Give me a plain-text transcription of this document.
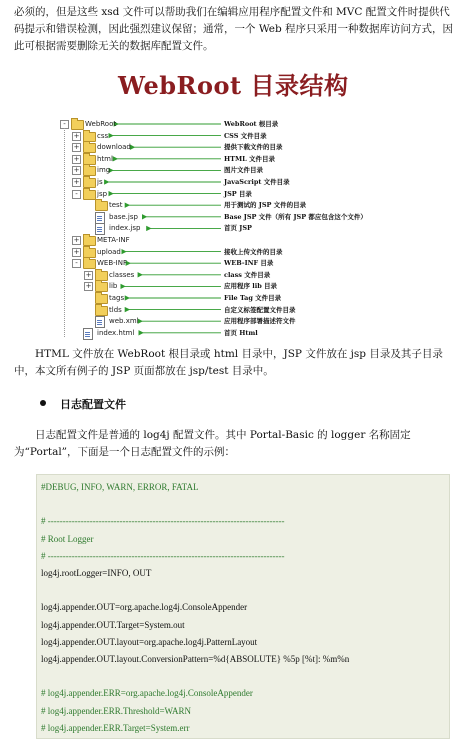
必须的，但是这些 xsd 文件可以帮助我们在编辑应用程序配置文件和 MVC 配置文件时提供代码提示和错误检测，因此强烈建议保留；通常，一个 Web 程序只采用一种数据库访问方式，因此可根据需要删除无关的数据库配置文件。

WebRoot 目录结构
-	WebRoot	WebRoot 根目录
+	css	CSS 文件目录
+	download	提供下载文件的目录
+	html	HTML 文件目录
+	img	图片文件目录
+	js	JavaScript 文件目录
-	jsp	JSP 目录
test	用于测试的 JSP 文件的目录
base.jsp	Base JSP 文件（所有 JSP 都应包含这个文件）
index.jsp	首页 JSP
+	META-INF
+	upload	接收上传文件的目录
-	WEB-INF	WEB-INF 目录
+	classes	class 文件目录
+	lib	应用程序 lib 目录
tags	File Tag 文件目录
tlds	自定义标签配置文件目录
web.xml	应用程序部署描述符文件
index.html	首页 Html

HTML 文件放在 WebRoot 根目录或 html 目录中，JSP 文件放在 jsp 目录及其子目录中，本文所有例子的 JSP 页面都放在 jsp/test 目录中。

日志配置文件

日志配置文件是普通的 log4j 配置文件。其中 Portal-Basic 的 logger 名称固定为“Portal”，下面是一个日志配置文件的示例：

#DEBUG, INFO, WARN, ERROR, FATAL
# -------------------------------------------------------------------------------
# Root Logger
# -------------------------------------------------------------------------------
log4j.rootLogger=INFO, OUT
log4j.appender.OUT=org.apache.log4j.ConsoleAppender
log4j.appender.OUT.Target=System.out
log4j.appender.OUT.layout=org.apache.log4j.PatternLayout
log4j.appender.OUT.layout.ConversionPattern=%d{ABSOLUTE} %5p [%t]: %m%n
# log4j.appender.ERR=org.apache.log4j.ConsoleAppender
# log4j.appender.ERR.Threshold=WARN
# log4j.appender.ERR.Target=System.err
